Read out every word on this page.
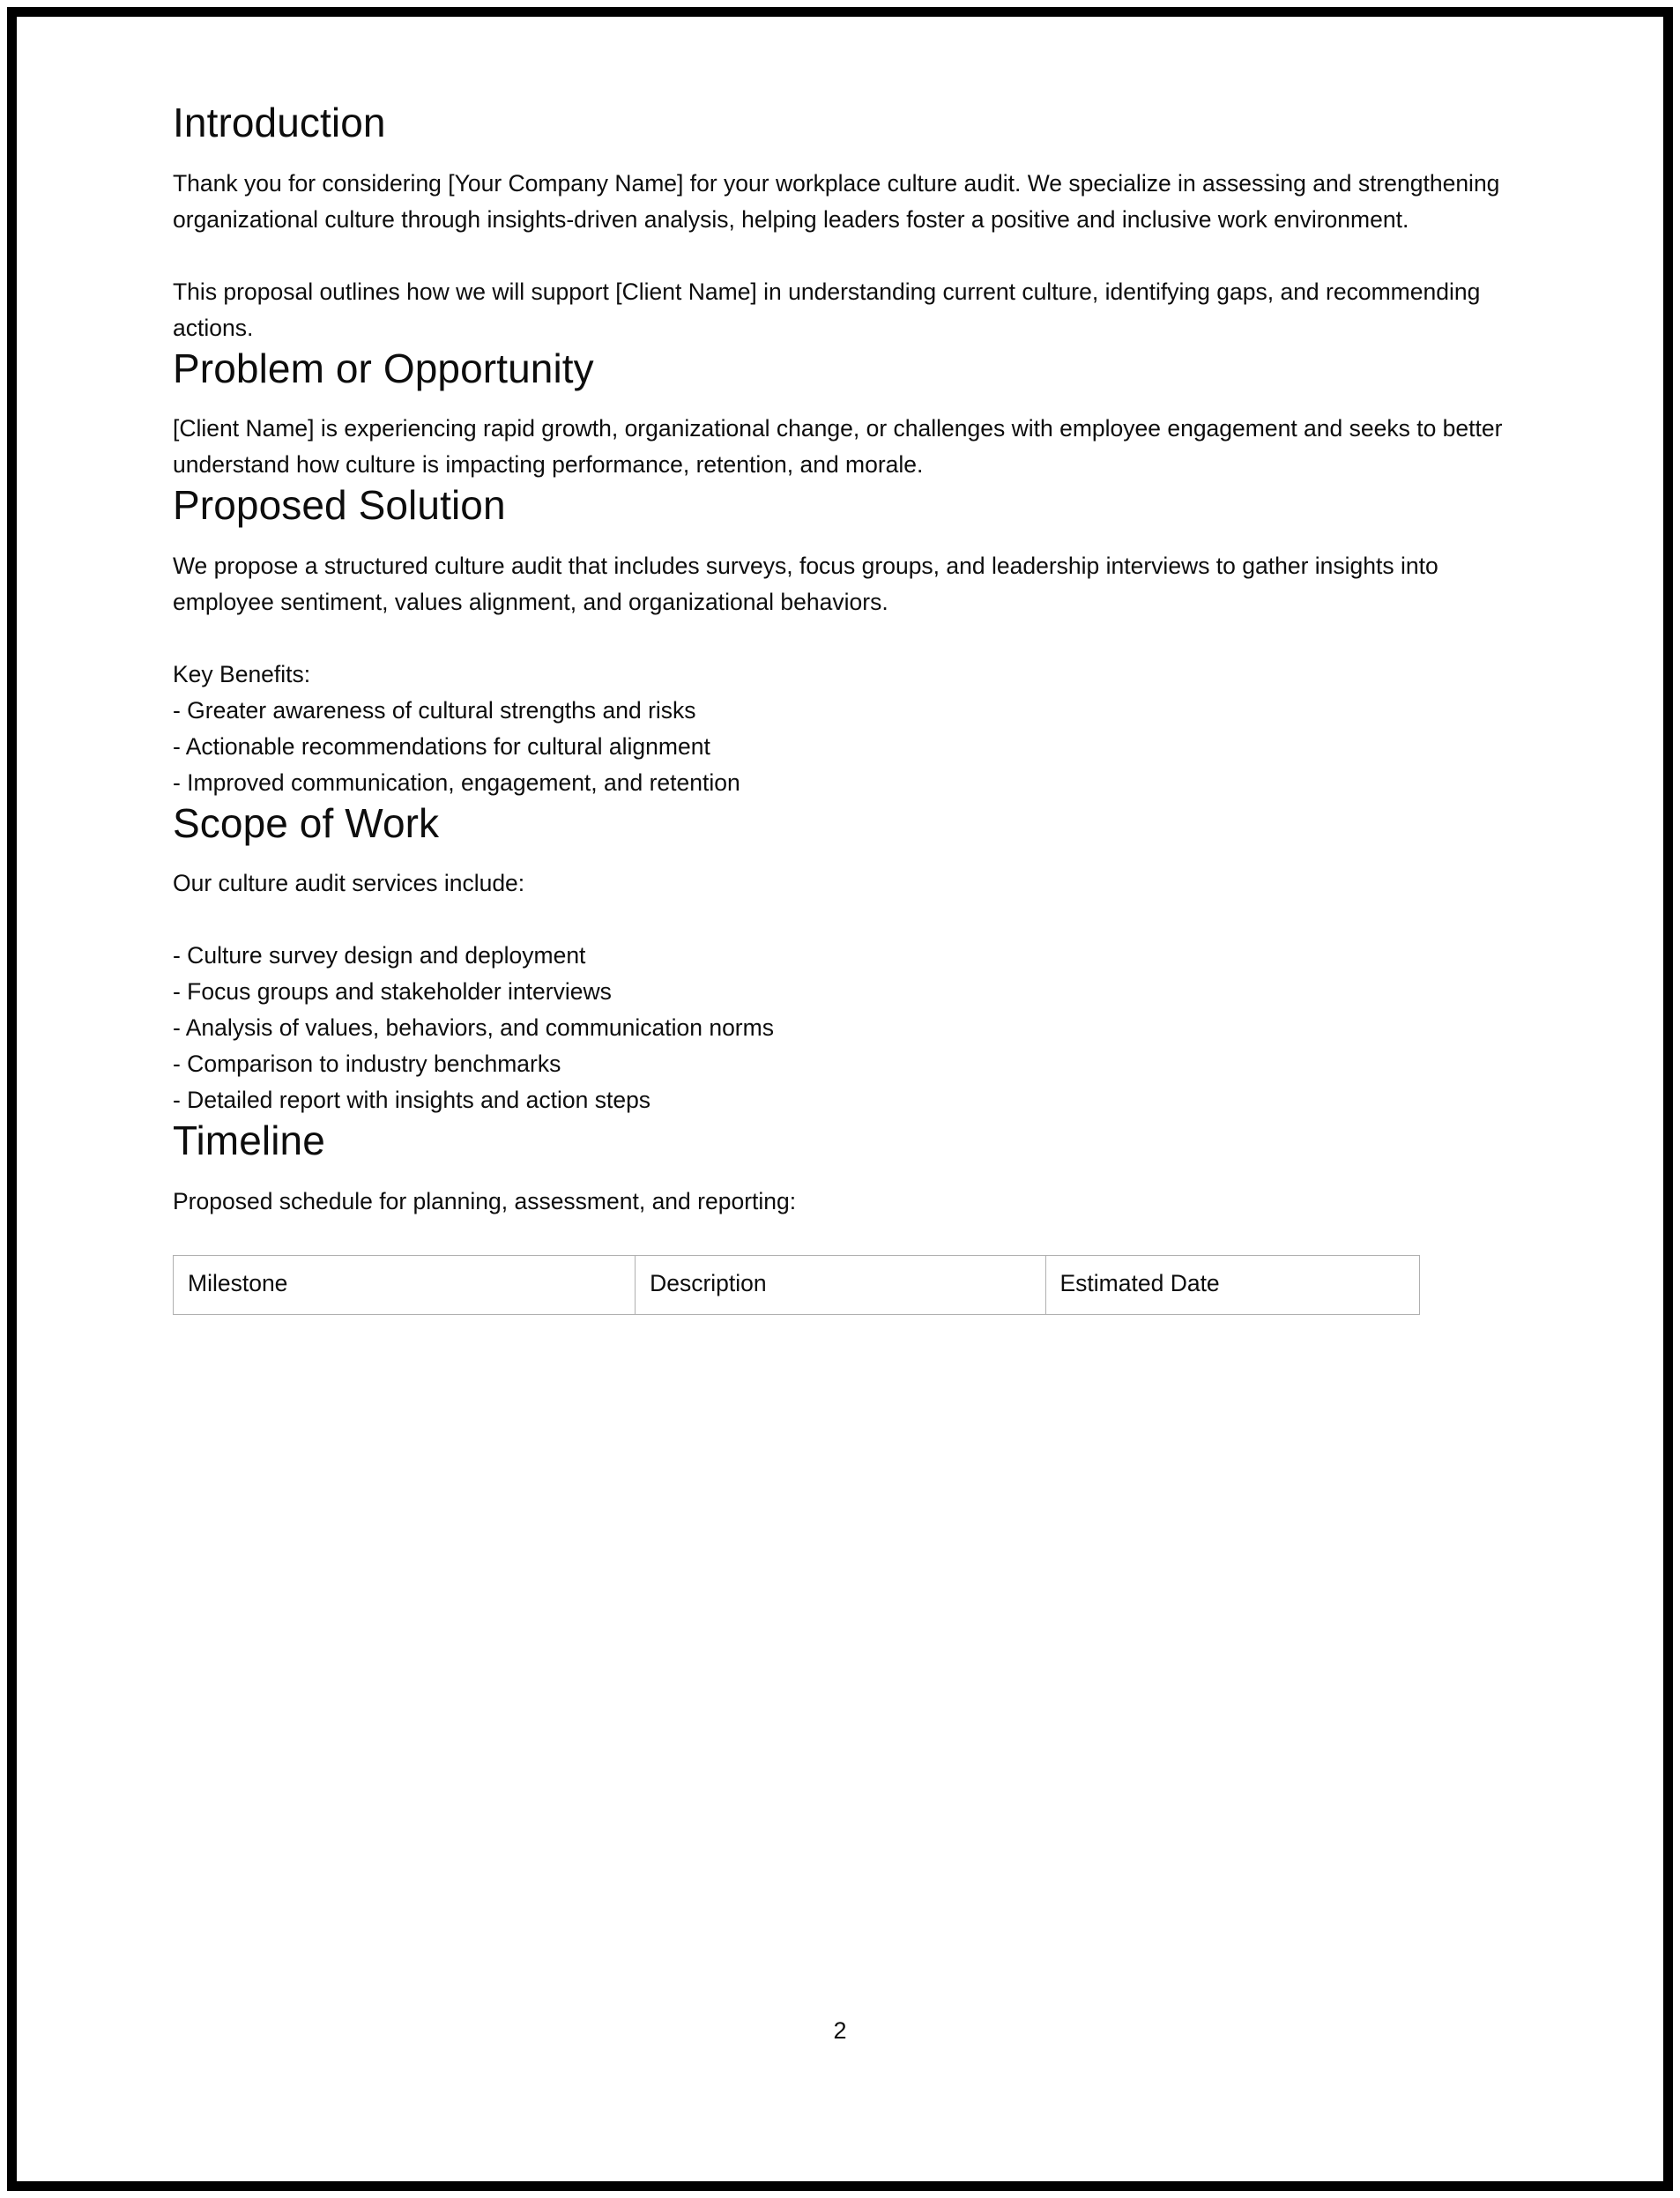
Introduction

Thank you for considering [Your Company Name] for your workplace culture audit. We specialize in assessing and strengthening organizational culture through insights-driven analysis, helping leaders foster a positive and inclusive work environment.

This proposal outlines how we will support [Client Name] in understanding current culture, identifying gaps, and recommending actions.

Problem or Opportunity

[Client Name] is experiencing rapid growth, organizational change, or challenges with employee engagement and seeks to better understand how culture is impacting performance, retention, and morale.

Proposed Solution

We propose a structured culture audit that includes surveys, focus groups, and leadership interviews to gather insights into employee sentiment, values alignment, and organizational behaviors.

Key Benefits:
- Greater awareness of cultural strengths and risks
- Actionable recommendations for cultural alignment
- Improved communication, engagement, and retention
Scope of Work

Our culture audit services include:

- Culture survey design and deployment
- Focus groups and stakeholder interviews
- Analysis of values, behaviors, and communication norms
- Comparison to industry benchmarks
- Detailed report with insights and action steps
Timeline

Proposed schedule for planning, assessment, and reporting:

Milestone	Description	Estimated Date
2
